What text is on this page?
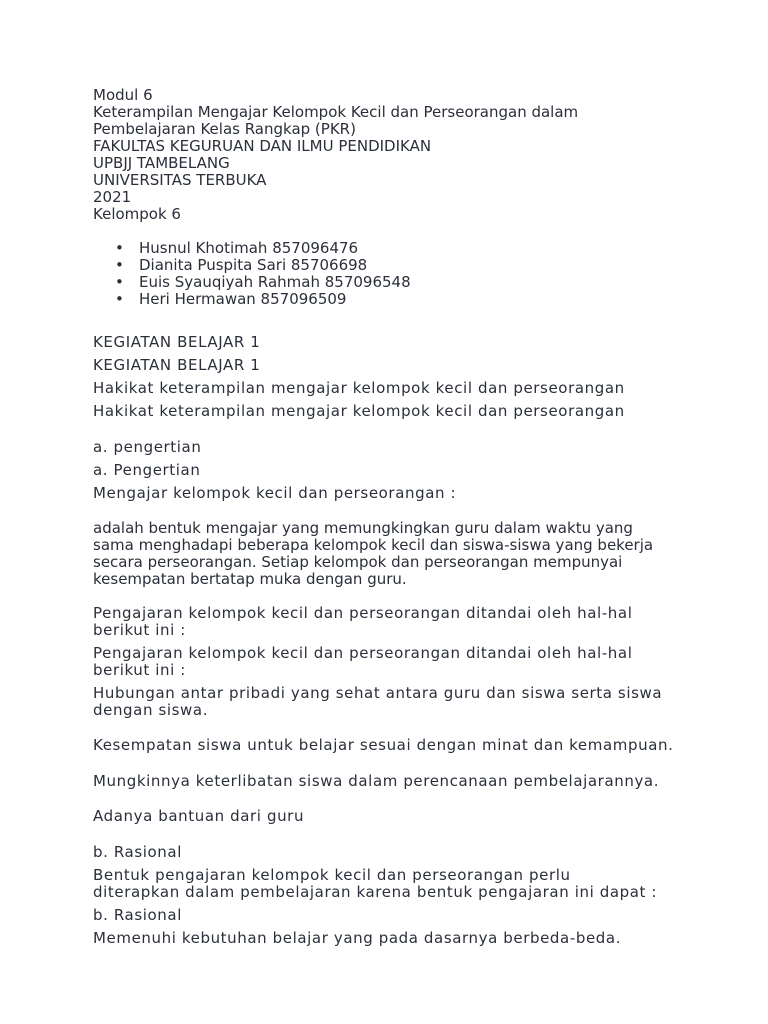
Modul 6

Keterampilan Mengajar Kelompok Kecil dan Perseorangan dalam

Pembelajaran Kelas Rangkap (PKR)

FAKULTAS KEGURUAN DAN ILMU PENDIDIKAN

UPBJJ TAMBELANG

UNIVERSITAS TERBUKA

2021

Kelompok 6

• Husnul Khotimah 857096476
• Dianita Puspita Sari 85706698
• Euis Syauqiyah Rahmah 857096548
• Heri Hermawan 857096509

KEGIATAN BELAJAR 1

KEGIATAN BELAJAR 1

Hakikat keterampilan mengajar kelompok kecil dan perseorangan

Hakikat keterampilan mengajar kelompok kecil dan perseorangan

a. pengertian

a. Pengertian

Mengajar kelompok kecil dan perseorangan :

adalah bentuk mengajar yang memungkingkan guru dalam waktu yang

sama menghadapi beberapa kelompok kecil dan siswa-siswa yang bekerja

secara perseorangan. Setiap kelompok dan perseorangan mempunyai

kesempatan bertatap muka dengan guru.

Pengajaran kelompok kecil dan perseorangan ditandai oleh hal-hal

berikut ini :

Pengajaran kelompok kecil dan perseorangan ditandai oleh hal-hal

berikut ini :

Hubungan antar pribadi yang sehat antara guru dan siswa serta siswa

dengan siswa.

Kesempatan siswa untuk belajar sesuai dengan minat dan kemampuan.

Mungkinnya keterlibatan siswa dalam perencanaan pembelajarannya.

Adanya bantuan dari guru

b. Rasional

Bentuk pengajaran kelompok kecil dan perseorangan perlu

diterapkan dalam pembelajaran karena bentuk pengajaran ini dapat :

b. Rasional

Memenuhi kebutuhan belajar yang pada dasarnya berbeda-beda.
